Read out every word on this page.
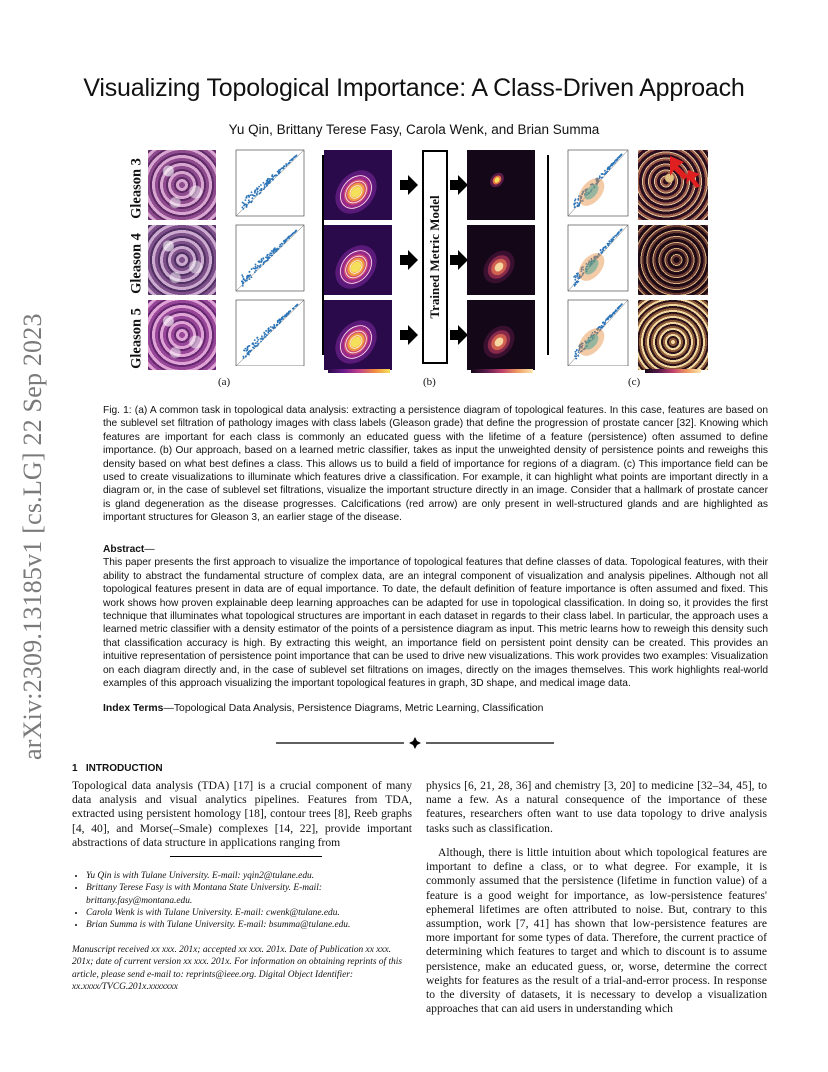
arXiv:2309.13185v1 [cs.LG] 22 Sep 2023
Visualizing Topological Importance: A Class-Driven Approach
Yu Qin, Brittany Terese Fasy, Carola Wenk, and Brian Summa
Gleason 3
Gleason 4
Gleason 5
Trained Metric Model
(a)	(b)	(c)
Fig. 1: (a) A common task in topological data analysis: extracting a persistence diagram of topological features. In this case, features are based on the sublevel set filtration of pathology images with class labels (Gleason grade) that define the progression of prostate cancer [32]. Knowing which features are important for each class is commonly an educated guess with the lifetime of a feature (persistence) often assumed to define importance. (b) Our approach, based on a learned metric classifier, takes as input the unweighted density of persistence points and reweighs this density based on what best defines a class. This allows us to build a field of importance for regions of a diagram. (c) This importance field can be used to create visualizations to illuminate which features drive a classification. For example, it can highlight what points are important directly in a diagram or, in the case of sublevel set filtrations, visualize the important structure directly in an image. Consider that a hallmark of prostate cancer is gland degeneration as the disease progresses. Calcifications (red arrow) are only present in well-structured glands and are highlighted as important structures for Gleason 3, an earlier stage of the disease.
Abstract—
This paper presents the first approach to visualize the importance of topological features that define classes of data. Topological features, with their ability to abstract the fundamental structure of complex data, are an integral component of visualization and analysis pipelines. Although not all topological features present in data are of equal importance. To date, the default definition of feature importance is often assumed and fixed. This work shows how proven explainable deep learning approaches can be adapted for use in topological classification. In doing so, it provides the first technique that illuminates what topological structures are important in each dataset in regards to their class label. In particular, the approach uses a learned metric classifier with a density estimator of the points of a persistence diagram as input. This metric learns how to reweigh this density such that classification accuracy is high. By extracting this weight, an importance field on persistent point density can be created. This provides an intuitive representation of persistence point importance that can be used to drive new visualizations. This work provides two examples: Visualization on each diagram directly and, in the case of sublevel set filtrations on images, directly on the images themselves. This work highlights real-world examples of this approach visualizing the important topological features in graph, 3D shape, and medical image data.
Index Terms—Topological Data Analysis, Persistence Diagrams, Metric Learning, Classification
1 INTRODUCTION
Topological data analysis (TDA) [17] is a crucial component of many data analysis and visual analytics pipelines. Features from TDA, extracted using persistent homology [18], contour trees [8], Reeb graphs [4, 40], and Morse(–Smale) complexes [14, 22], provide important abstractions of data structure in applications ranging from
• Yu Qin is with Tulane University. E-mail: yqin2@tulane.edu.
• Brittany Terese Fasy is with Montana State University. E-mail: brittany.fasy@montana.edu.
• Carola Wenk is with Tulane University. E-mail: cwenk@tulane.edu.
• Brian Summa is with Tulane University. E-mail: bsumma@tulane.edu.
Manuscript received xx xxx. 201x; accepted xx xxx. 201x. Date of Publication xx xxx. 201x; date of current version xx xxx. 201x. For information on obtaining reprints of this article, please send e-mail to: reprints@ieee.org. Digital Object Identifier: xx.xxxx/TVCG.201x.xxxxxxx
physics [6, 21, 28, 36] and chemistry [3, 20] to medicine [32–34, 45], to name a few. As a natural consequence of the importance of these features, researchers often want to use data topology to drive analysis tasks such as classification.
Although, there is little intuition about which topological features are important to define a class, or to what degree. For example, it is commonly assumed that the persistence (lifetime in function value) of a feature is a good weight for importance, as low-persistence features' ephemeral lifetimes are often attributed to noise. But, contrary to this assumption, work [7, 41] has shown that low-persistence features are more important for some types of data. Therefore, the current practice of determining which features to target and which to discount is to assume persistence, make an educated guess, or, worse, determine the correct weights for features as the result of a trial-and-error process. In response to the diversity of datasets, it is necessary to develop a visualization approaches that can aid users in understanding which
